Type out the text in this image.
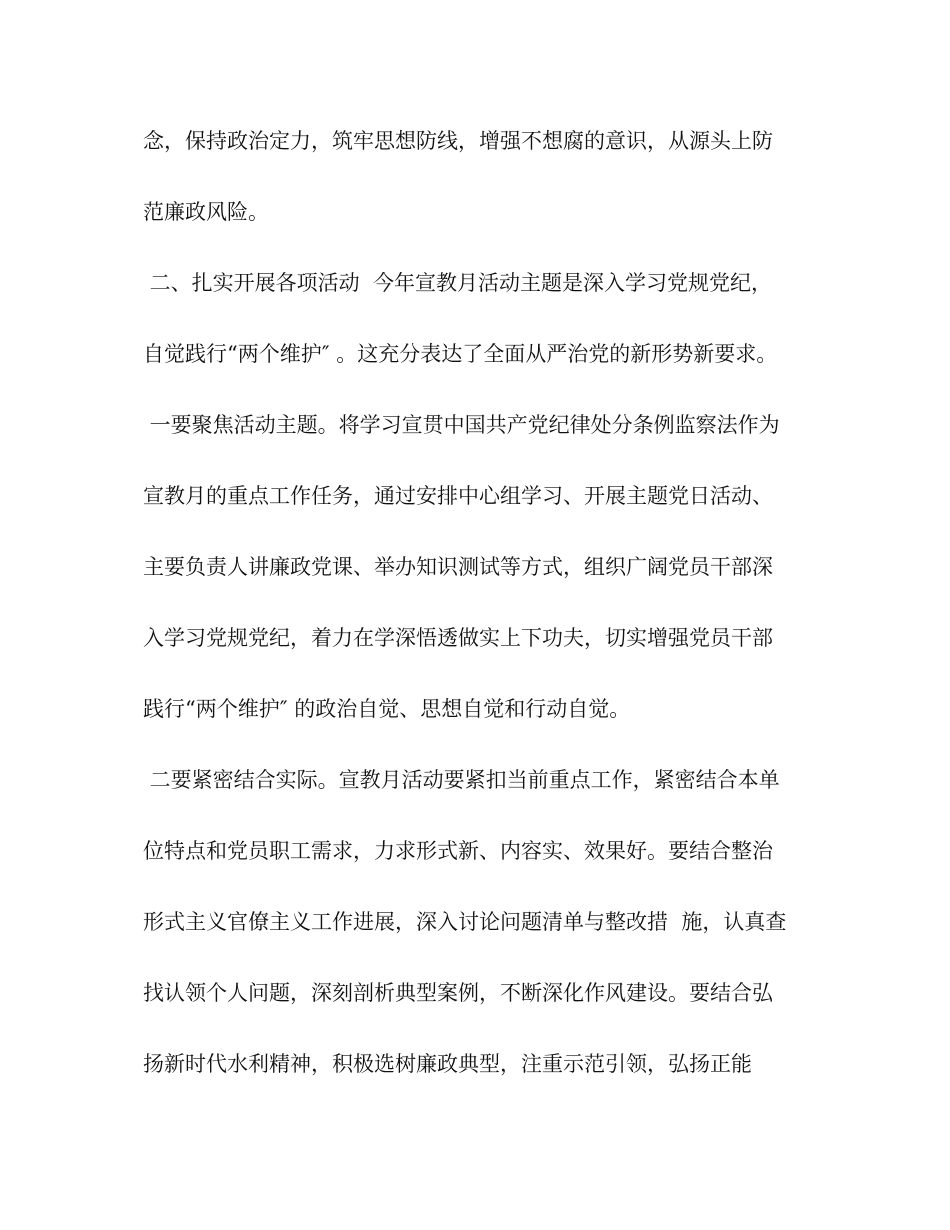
念，保持政治定力，筑牢思想防线，增强不想腐的意识，从源头上防

范廉政风险。

二、扎实开展各项活动  今年宣教月活动主题是深入学习党规党纪，

自觉践行“两个维护″ 。这充分表达了全面从严治党的新形势新要求。

一要聚焦活动主题。将学习宣贯中国共产党纪律处分条例监察法作为

宣教月的重点工作任务，通过安排中心组学习、开展主题党日活动、

主要负责人讲廉政党课、举办知识测试等方式，组织广阔党员干部深

入学习党规党纪，着力在学深悟透做实上下功夫，切实增强党员干部

践行“两个维护″ 的政治自觉、思想自觉和行动自觉。

二要紧密结合实际。宣教月活动要紧扣当前重点工作，紧密结合本单

位特点和党员职工需求，力求形式新、内容实、效果好。要结合整治

形式主义官僚主义工作进展，深入讨论问题清单与整改措  施，认真查

找认领个人问题，深刻剖析典型案例，不断深化作风建设。要结合弘

扬新时代水利精神，积极选树廉政典型，注重示范引领，弘扬正能
